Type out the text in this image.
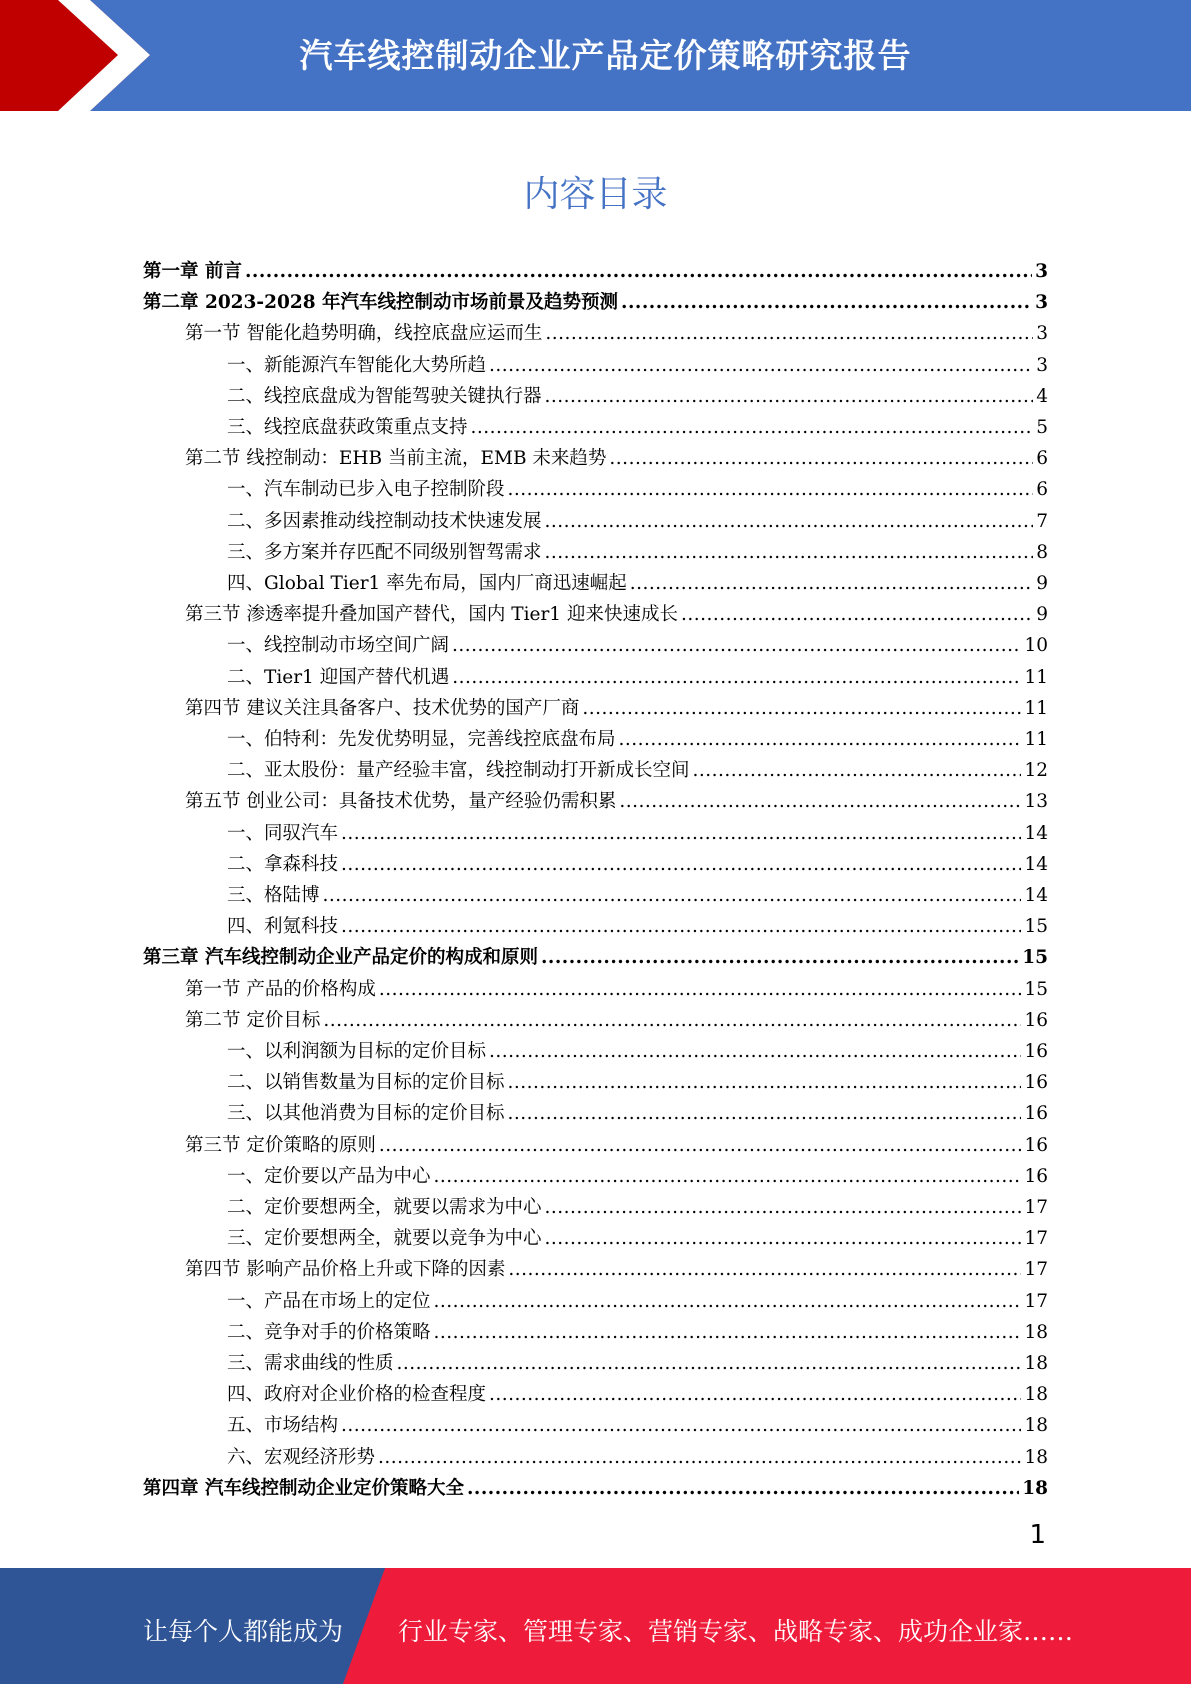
汽车线控制动企业产品定价策略研究报告
内容目录
第一章 前言 .....	3
第二章 2023-2028 年汽车线控制动市场前景及趋势预测 .....	3
第一节 智能化趋势明确，线控底盘应运而生 .....	3
一、新能源汽车智能化大势所趋 .....	3
二、线控底盘成为智能驾驶关键执行器 .....	4
三、线控底盘获政策重点支持 .....	5
第二节 线控制动：EHB 当前主流，EMB 未来趋势 .....	6
一、汽车制动已步入电子控制阶段 .....	6
二、多因素推动线控制动技术快速发展 .....	7
三、多方案并存匹配不同级别智驾需求 .....	8
四、Global Tier1 率先布局，国内厂商迅速崛起 .....	9
第三节 渗透率提升叠加国产替代，国内 Tier1 迎来快速成长 .....	9
一、线控制动市场空间广阔 .....	10
二、Tier1 迎国产替代机遇 .....	11
第四节 建议关注具备客户、技术优势的国产厂商 .....	11
一、伯特利：先发优势明显，完善线控底盘布局 .....	11
二、亚太股份：量产经验丰富，线控制动打开新成长空间 .....	12
第五节 创业公司：具备技术优势，量产经验仍需积累 .....	13
一、同驭汽车 .....	14
二、拿森科技 .....	14
三、格陆博 .....	14
四、利氪科技 .....	15
第三章 汽车线控制动企业产品定价的构成和原则 .....	15
第一节 产品的价格构成 .....	15
第二节 定价目标 .....	16
一、以利润额为目标的定价目标 .....	16
二、以销售数量为目标的定价目标 .....	16
三、以其他消费为目标的定价目标 .....	16
第三节 定价策略的原则 .....	16
一、定价要以产品为中心 .....	16
二、定价要想两全，就要以需求为中心 .....	17
三、定价要想两全，就要以竞争为中心 .....	17
第四节 影响产品价格上升或下降的因素 .....	17
一、产品在市场上的定位 .....	17
二、竞争对手的价格策略 .....	18
三、需求曲线的性质 .....	18
四、政府对企业价格的检查程度 .....	18
五、市场结构 .....	18
六、宏观经济形势 .....	18
第四章 汽车线控制动企业定价策略大全 .....	18
1
让每个人都能成为 行业专家、管理专家、营销专家、战略专家、成功企业家……
